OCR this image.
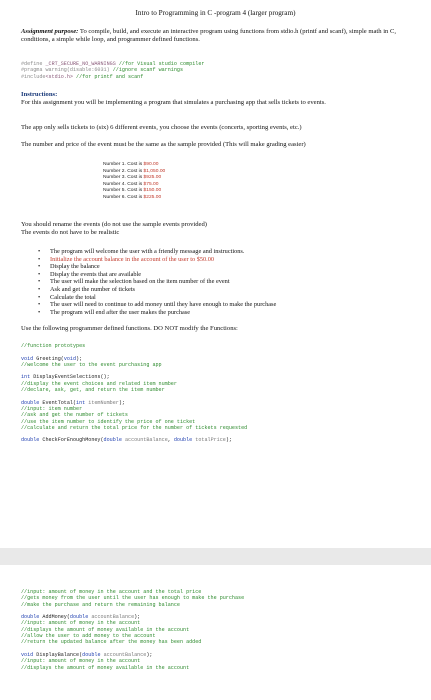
Intro to Programming in C -program 4 (larger program)
Assignment purpose: To compile, build, and execute an interactive program using functions from stdio.h (printf and scanf), simple math in C, conditions, a simple while loop, and programmer defined functions.
#define _CRT_SECURE_NO_WARNINGS //for Visual studio compiler
#pragma warning(disable:6031) //ignore scanf warnings
#include<stdio.h> //for printf and scanf
Instructions:
For this assignment you will be implementing a program that simulates a purchasing app that sells tickets to events.
The app only sells tickets to (six) 6 different events, you choose the events (concerts, sporting events, etc.)
The number and price of the event must be the same as the sample provided (This will make grading easier)
Number 1. Cost is $90.00
Number 2. Cost is $1,050.00
Number 3. Cost is $925.00
Number 4. Cost is $75.00
Number 5. Cost is $150.00
Number 6. Cost is $225.00
You should rename the events (do not use the sample events provided)
The events do not have to be realistic
• The program will welcome the user with a friendly message and instructions.
• Initialize the account balance in the account of the user to $50.00
• Display the balance
• Display the events that are available
• The user will make the selection based on the item number of the event
• Ask and get the number of tickets
• Calculate the total
• The user will need to continue to add money until they have enough to make the purchase
• The program will end after the user makes the purchase
Use the following programmer defined functions. DO NOT modify the Functions:
//function prototypes

void Greeting(void);
//welcome the user to the event purchasing app

int DisplayEventSelections();
//display the event choices and related item number
//declare, ask, get, and return the item number

double EventTotal(int itemNumber);
//input: item number
//ask and get the number of tickets
//use the item number to identify the price of one ticket
//calculate and return the total price for the number of tickets requested

double CheckForEnoughMoney(double accountBalance, double totalPrice);
//input: amount of money in the account and the total price
//gets money from the user until the user has enough to make the purchase
//make the purchase and return the remaining balance

double AddMoney(double accountBalance);
//input: amount of money in the account
//displays the amount of money available in the account
//allow the user to add money to the account
//return the updated balance after the money has been added

void DisplayBalance(double accountBalance);
//input: amount of money in the account
//displays the amount of money available in the account
